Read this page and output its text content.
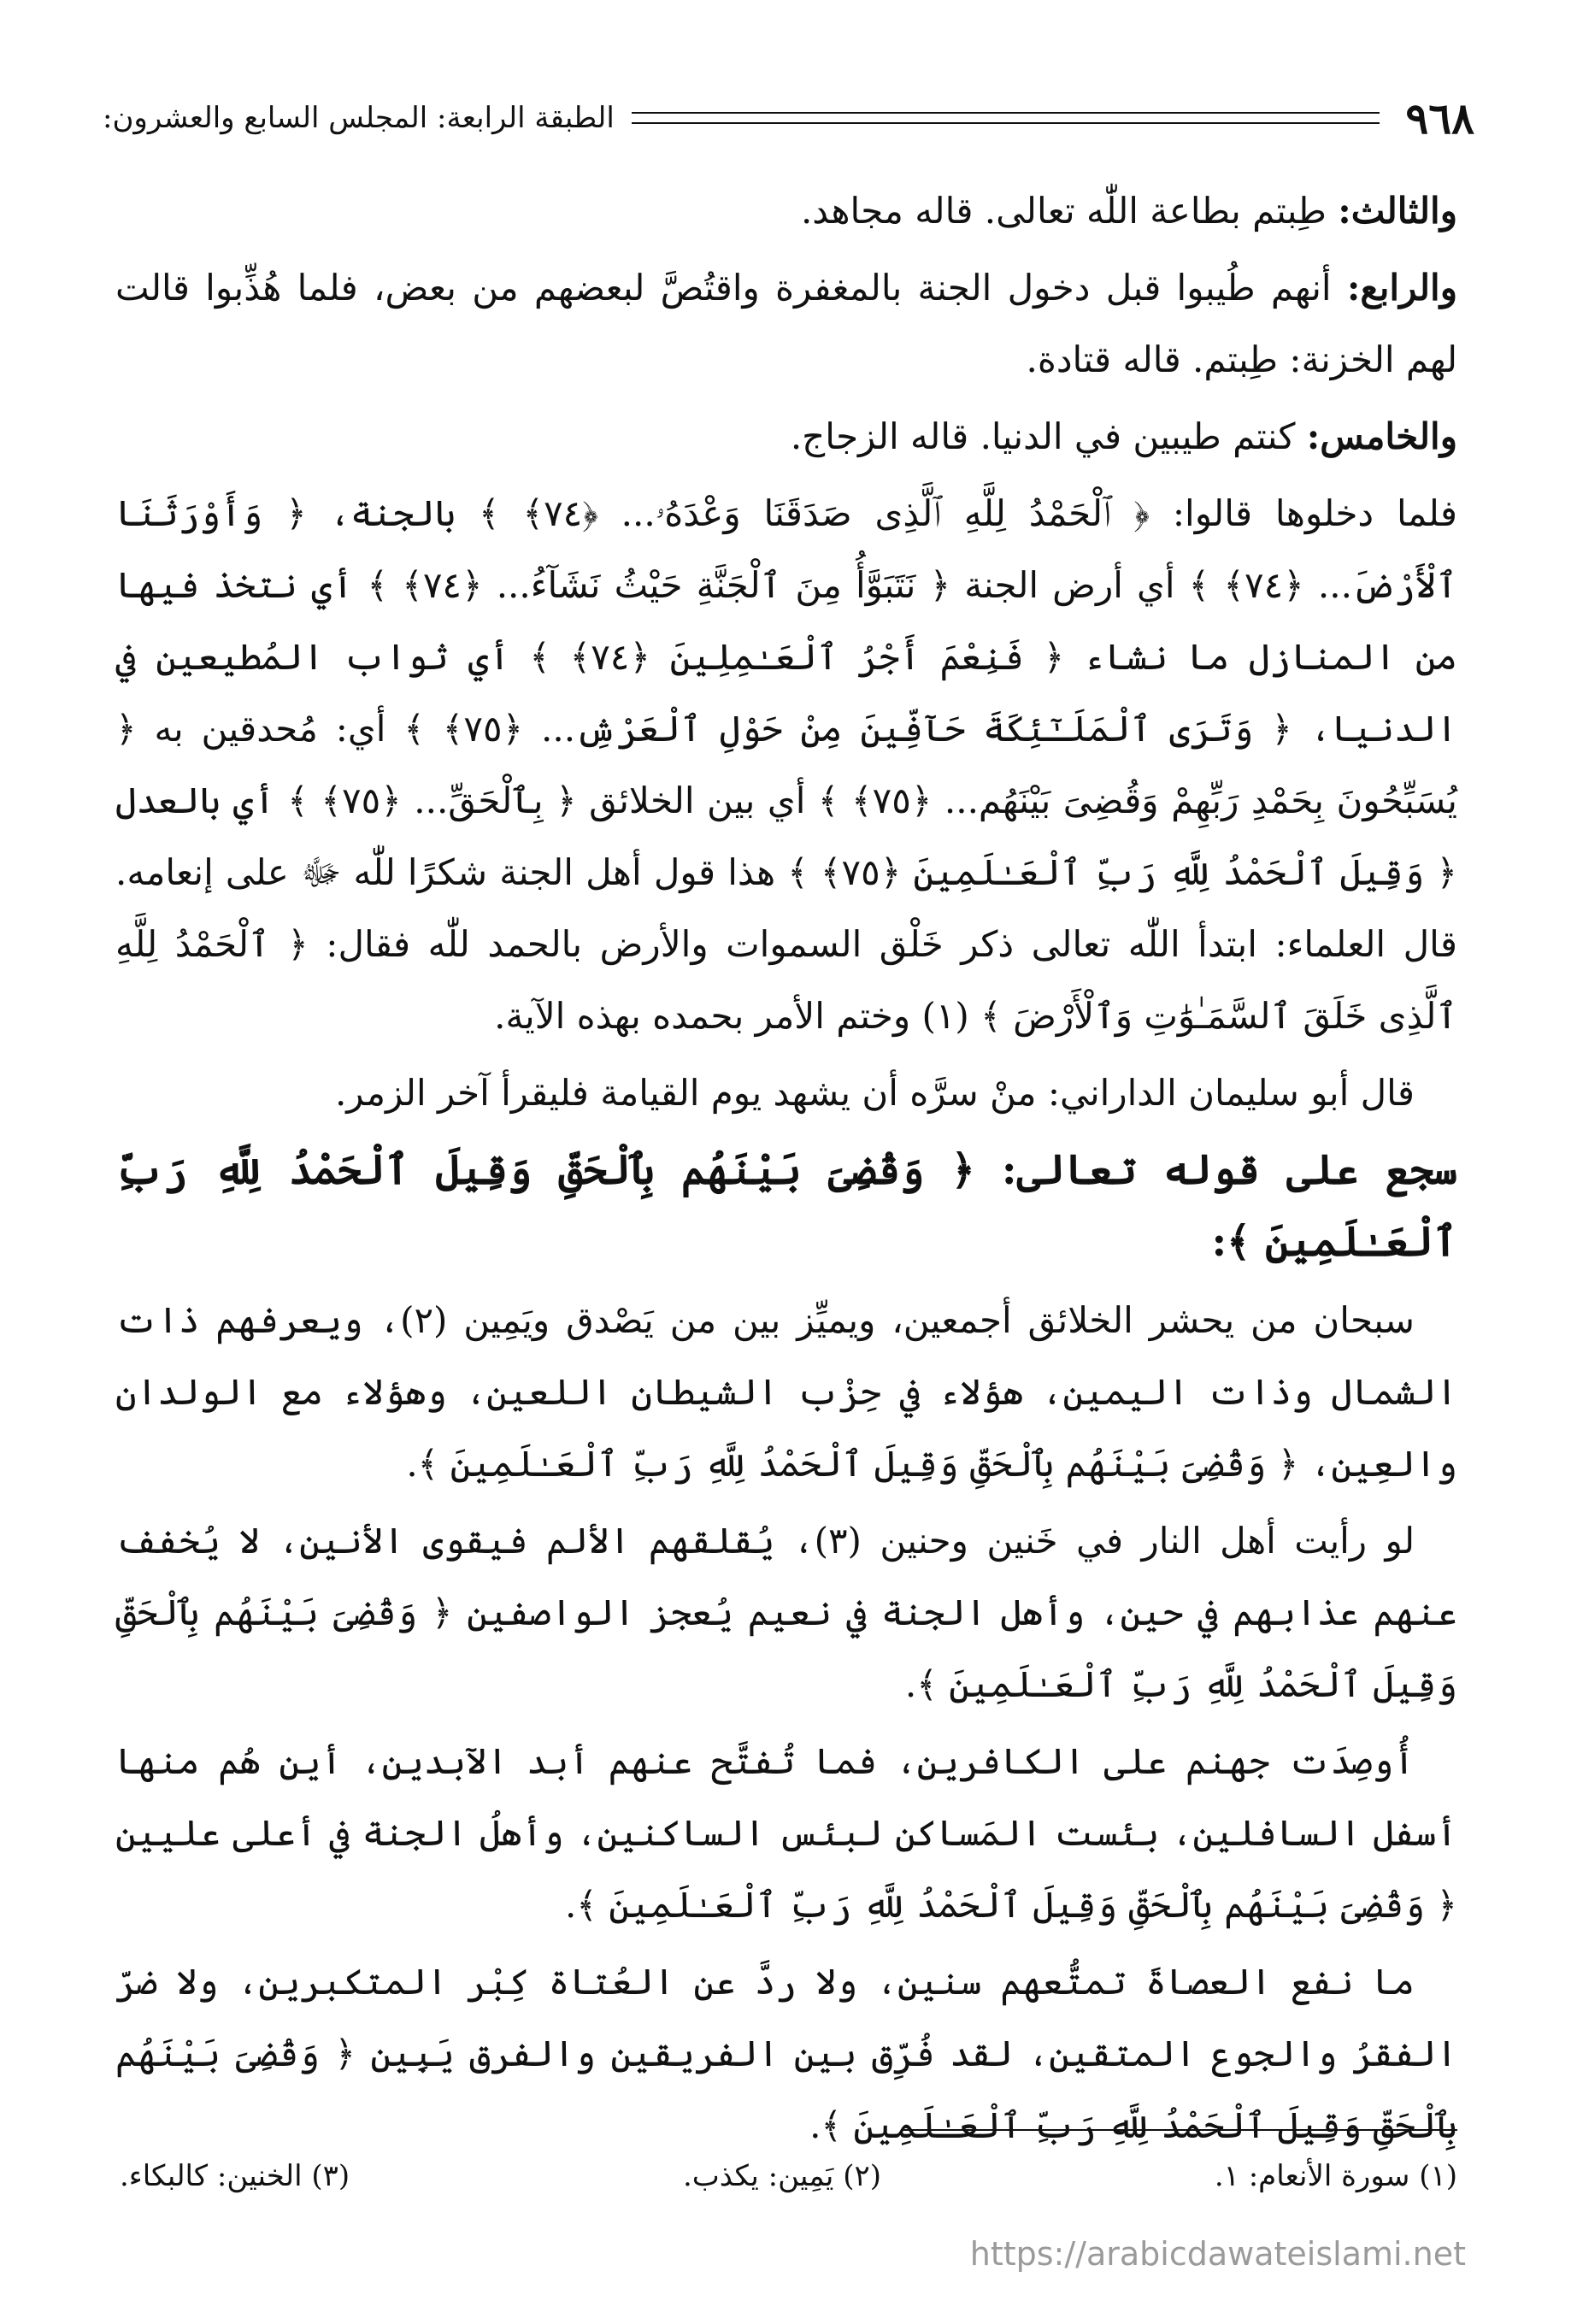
٩٦٨
الطبقة الرابعة: المجلس السابع والعشرون:

والثالث: طِبتم بطاعة اللّٰه تعالى. قاله مجاهد.

والرابع: أنهم طُيبوا قبل دخول الجنة بالمغفرة واقتُصَّ لبعضهم من بعض، فلما هُذِّبوا قالت لهم الخزنة: طِبتم. قاله قتادة.

والخامس: كنتم طيبين في الدنيا. قاله الزجاج.

فلما دخلوها قالوا: ﴿ ٱلْحَمْدُ لِلَّهِ ٱلَّذِى صَدَقَنَا وَعْدَهُۥ... ﴿٧٤﴾ ﴾ بالجنة، ﴿ وَأَوْرَثَنَا ٱلْأَرْضَ... ﴿٧٤﴾ ﴾ أي أرض الجنة ﴿ نَتَبَوَّأُ مِنَ ٱلْجَنَّةِ حَيْثُ نَشَآءُ... ﴿٧٤﴾ ﴾ أي نتخذ فيها من المنازل ما نشاء ﴿ فَنِعْمَ أَجْرُ ٱلْعَـٰمِلِينَ ﴿٧٤﴾ ﴾ أي ثواب المُطيعين في الدنيا، ﴿ وَتَرَى ٱلْمَلَـٰٓئِكَةَ حَآفِّينَ مِنْ حَوْلِ ٱلْعَرْشِ... ﴿٧٥﴾ ﴾ أي: مُحدقين به ﴿ يُسَبِّحُونَ بِحَمْدِ رَبِّهِمْ وَقُضِىَ بَيْنَهُم... ﴿٧٥﴾ ﴾ أي بين الخلائق ﴿ بِٱلْحَقِّ... ﴿٧٥﴾ ﴾ أي بالعدل ﴿ وَقِيلَ ٱلْحَمْدُ لِلَّهِ رَبِّ ٱلْعَـٰلَمِينَ ﴿٧٥﴾ ﴾ هذا قول أهل الجنة شكرًا للّٰه ﷻ على إنعامه. قال العلماء: ابتدأ اللّٰه تعالى ذكر خَلْق السموات والأرض بالحمد للّٰه فقال: ﴿ ٱلْحَمْدُ لِلَّهِ ٱلَّذِى خَلَقَ ٱلسَّمَـٰوَٰتِ وَٱلْأَرْضَ ﴾ (١) وختم الأمر بحمده بهذه الآية.

قال أبو سليمان الداراني: منْ سرَّه أن يشهد يوم القيامة فليقرأ آخر الزمر.

سجع على قوله تعالى: ﴿ وَقُضِىَ بَيْنَهُم بِٱلْحَقِّ وَقِيلَ ٱلْحَمْدُ لِلَّهِ رَبِّ ٱلْعَـٰلَمِينَ ﴾:

سبحان من يحشر الخلائق أجمعين، ويميِّز بين من يَصْدق ويَمِين (٢)، ويعرفهم ذات الشمال وذات اليمين، هؤلاء في حِزْب الشيطان اللعين، وهؤلاء مع الولدان والعِين، ﴿ وَقُضِىَ بَيْنَهُم بِٱلْحَقِّ وَقِيلَ ٱلْحَمْدُ لِلَّهِ رَبِّ ٱلْعَـٰلَمِينَ ﴾.

لو رأيت أهل النار في خَنين وحنين (٣)، يُقلقهم الألم فيقوى الأنين، لا يُخفف عنهم عذابهم في حين، وأهل الجنة في نعيم يُعجز الواصفين ﴿ وَقُضِىَ بَيْنَهُم بِٱلْحَقِّ وَقِيلَ ٱلْحَمْدُ لِلَّهِ رَبِّ ٱلْعَـٰلَمِينَ ﴾.

أُوصِدَت جهنم على الكافرين، فما تُفتَّح عنهم أبد الآبدين، أين هُم منها أسفل السافلين، بئست المَساكن لبئس الساكنين، وأهلُ الجنة في أعلى عليين ﴿ وَقُضِىَ بَيْنَهُم بِٱلْحَقِّ وَقِيلَ ٱلْحَمْدُ لِلَّهِ رَبِّ ٱلْعَـٰلَمِينَ ﴾.

ما نفع العصاةَ تمتُّعهم سنين، ولا ردَّ عن العُتاة كِبْر المتكبرين، ولا ضرّ الفقرُ والجوع المتقين، لقد فُرِّق بين الفريقين والفرق يَبِين ﴿ وَقُضِىَ بَيْنَهُم بِٱلْحَقِّ وَقِيلَ ٱلْحَمْدُ لِلَّهِ رَبِّ ٱلْعَـٰلَمِينَ ﴾.

(١) سورة الأنعام: ١.
(٢) يَمِين: يكذب.
(٣) الخنين: كالبكاء.
https://arabicdawateislami.net
